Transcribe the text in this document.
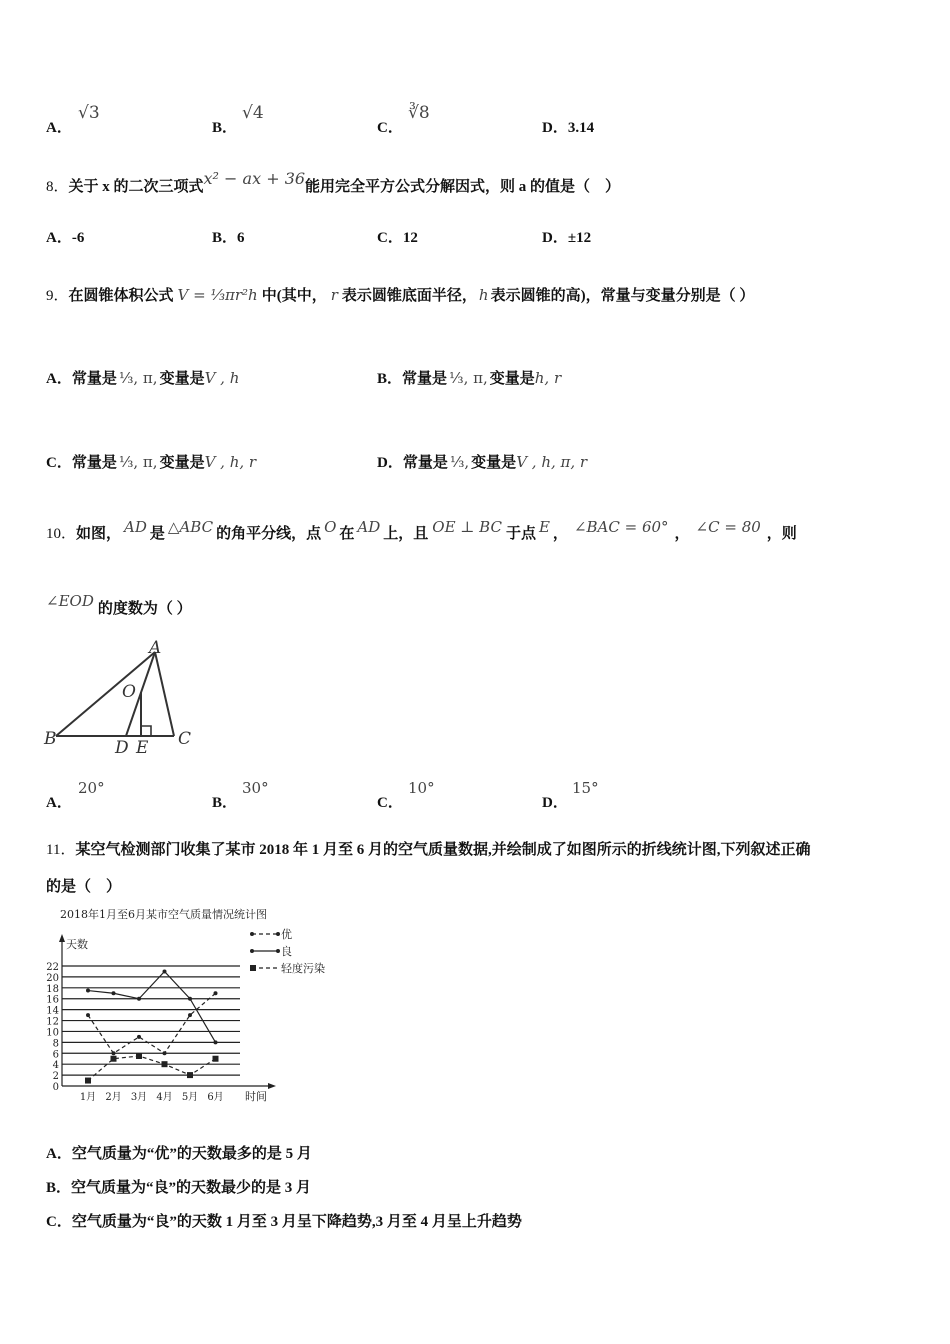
A．
√3
B．
√4
C．
∛8
D．3.14
8．关于 x 的二次三项式x² − ax + 36能用完全平方公式分解因式，则 a 的值是（　）
A．-6	B．6	C．12	D．±12
9．在圆锥体积公式 V = ⅓πr²h 中(其中， r 表示圆锥底面半径， h 表示圆锥的高)，常量与变量分别是（ ）
A．常量是 ⅓, π, 变量是V , h	B．常量是 ⅓, π, 变量是h, r
C．常量是 ⅓, π, 变量是V , h, r	D．常量是 ⅓, 变量是V , h, π, r
10．如图， AD 是 △ABC 的角平分线，点 O 在 AD 上，且 OE ⊥ BC 于点 E ， ∠BAC = 60° ， ∠C = 80 ，则
∠EOD 的度数为（ ）
A
O
B	D E C
A．
20°
B．
30°
C．
10°
D．
15°
11．某空气检测部门收集了某市 2018 年 1 月至 6 月的空气质量数据,并绘制成了如图所示的折线统计图,下列叙述正确
的是（　）
2018年1月至6月某市空气质量情况统计图
0
2
4
6
8
10
12
14
16
18
20
22
1月 2月 3月 4月 5月 6月
优
良
轻度污染
天数
时间
A．空气质量为“优”的天数最多的是 5 月
B．空气质量为“良”的天数最少的是 3 月
C．空气质量为“良”的天数 1 月至 3 月呈下降趋势,3 月至 4 月呈上升趋势
